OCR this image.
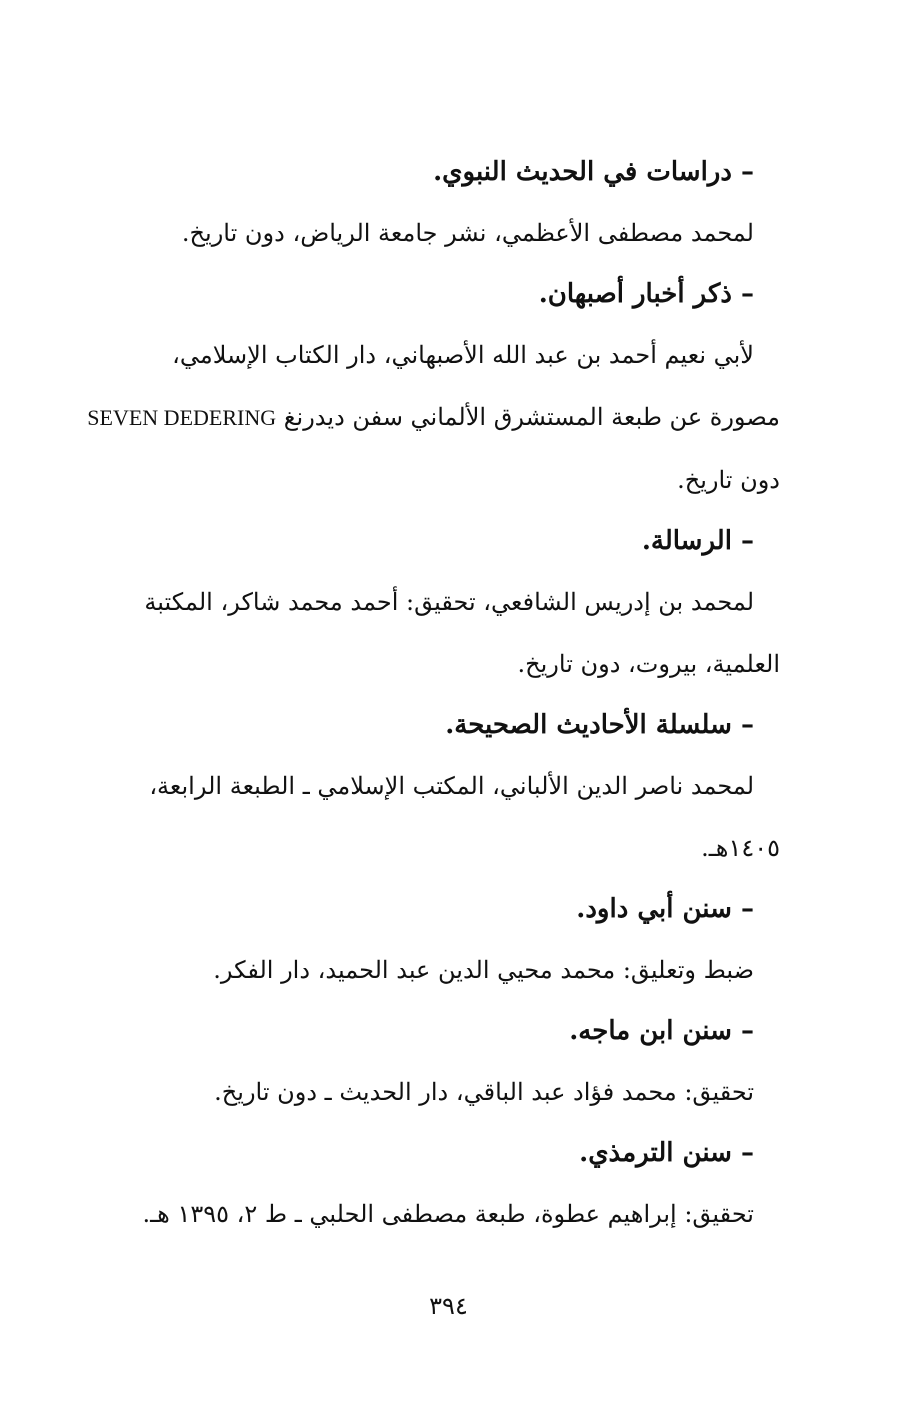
– دراسات في الحديث النبوي.

لمحمد مصطفى الأعظمي، نشر جامعة الرياض، دون تاريخ.

– ذكر أخبار أصبهان.

لأبي نعيم أحمد بن عبد الله الأصبهاني، دار الكتاب الإسلامي،

مصورة عن طبعة المستشرق الألماني سفن ديدرنغ SEVEN DEDERING

دون تاريخ.

– الرسالة.

لمحمد بن إدريس الشافعي، تحقيق: أحمد محمد شاكر، المكتبة

العلمية، بيروت، دون تاريخ.

– سلسلة الأحاديث الصحيحة.

لمحمد ناصر الدين الألباني، المكتب الإسلامي ـ الطبعة الرابعة،

١٤٠٥هـ.

– سنن أبي داود.

ضبط وتعليق: محمد محيي الدين عبد الحميد، دار الفكر.

– سنن ابن ماجه.

تحقيق: محمد فؤاد عبد الباقي، دار الحديث ـ دون تاريخ.

– سنن الترمذي.

تحقيق: إبراهيم عطوة، طبعة مصطفى الحلبي ـ ط ٢، ١٣٩٥ هـ.

٣٩٤
